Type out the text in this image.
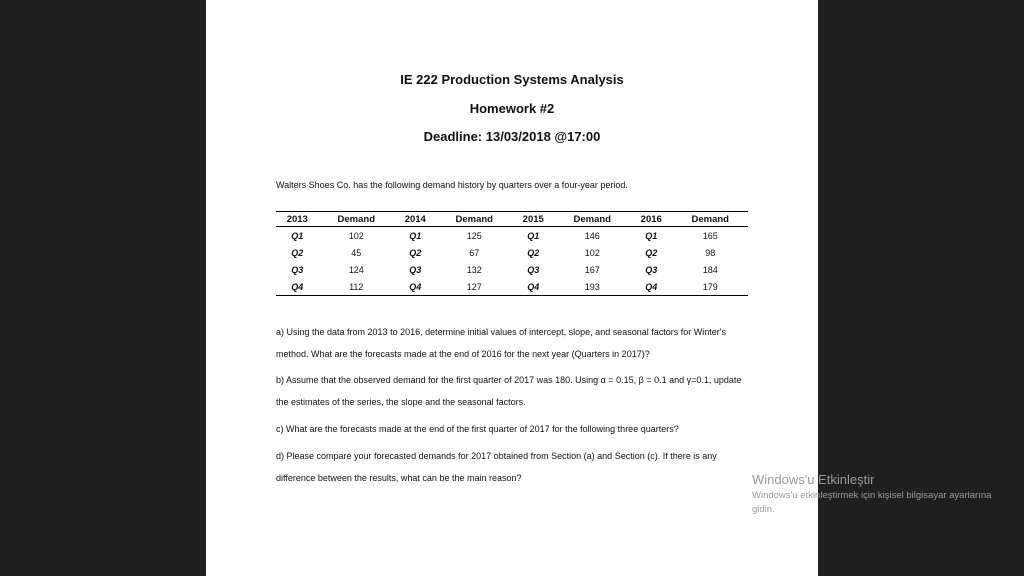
IE 222 Production Systems Analysis
Homework #2
Deadline: 13/03/2018 @17:00
Walters Shoes Co. has the following demand history by quarters over a four-year period.
2013	Demand	2014	Demand	2015	Demand	2016	Demand
Q1	102	Q1	125	Q1	146	Q1	165
Q2	45	Q2	67	Q2	102	Q2	98
Q3	124	Q3	132	Q3	167	Q3	184
Q4	112	Q4	127	Q4	193	Q4	179
a) Using the data from 2013 to 2016, determine initial values of intercept, slope, and seasonal factors for Winter's method. What are the forecasts made at the end of 2016 for the next year (Quarters in 2017)?
b) Assume that the observed demand for the first quarter of 2017 was 180. Using α = 0.15, β = 0.1 and γ=0.1, update the estimates of the series, the slope and the seasonal factors.
c) What are the forecasts made at the end of the first quarter of 2017 for the following three quarters?
d) Please compare your forecasted demands for 2017 obtained from Section (a) and Section (c). If there is any difference between the results, what can be the main reason?	Windows'u Etkinleştir
Windows'u etkinleştirmek için kişisel bilgisayar ayarlarına gidin.
